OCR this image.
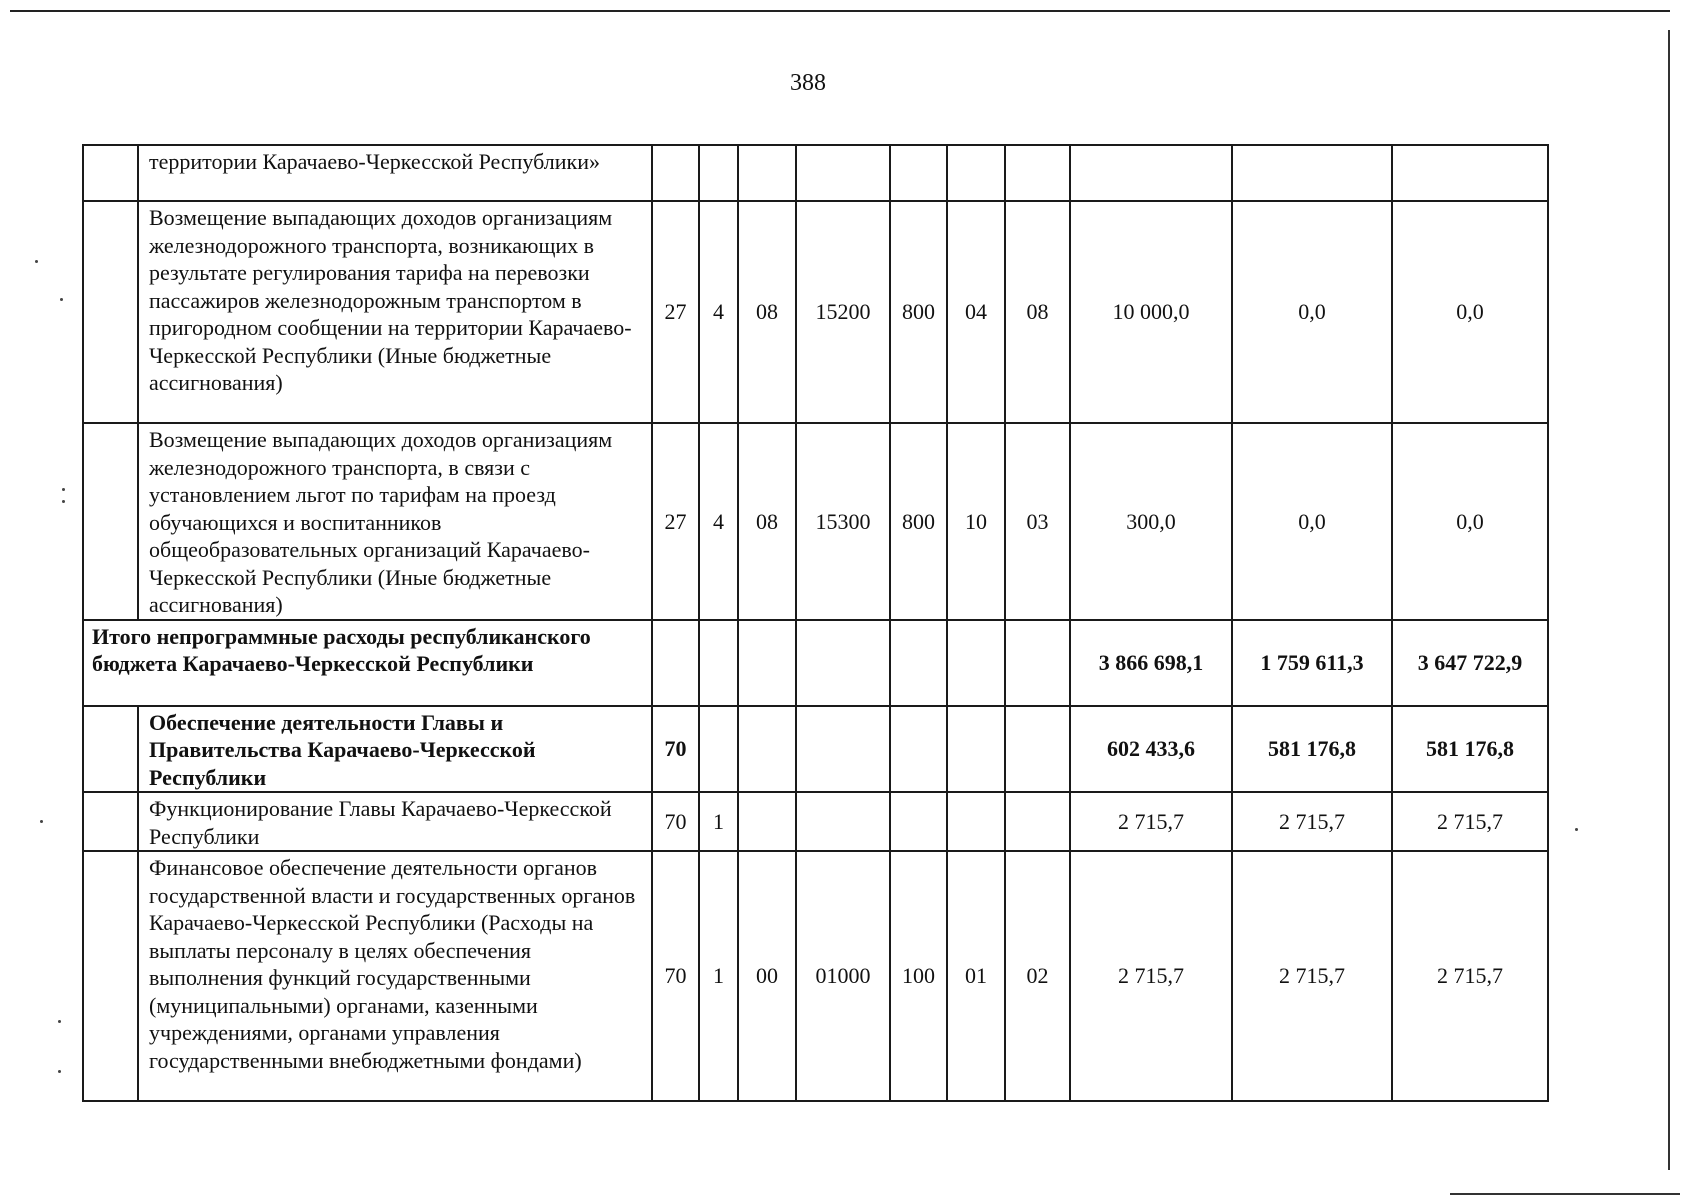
388
	территории Карачаево-Черкесской Республики»										
	Возмещение выпадающих доходов организациям железнодорожного транспорта, возникающих в результате регулирования тарифа на перевозки пассажиров железнодорожным транспортом в пригородном сообщении на территории Карачаево-Черкесской Республики (Иные бюджетные ассигнования)	27	4	08	15200	800	04	08	10 000,0	0,0	0,0
	Возмещение выпадающих доходов организациям железнодорожного транспорта, в связи с установлением льгот по тарифам на проезд обучающихся и воспитанников общеобразовательных организаций Карачаево-Черкесской Республики (Иные бюджетные ассигнования)	27	4	08	15300	800	10	03	300,0	0,0	0,0
Итого непрограммные расходы республиканского бюджета Карачаево-Черкесской Республики									3 866 698,1	1 759 611,3	3 647 722,9
	Обеспечение деятельности Главы и Правительства Карачаево-Черкесской Республики	70							602 433,6	581 176,8	581 176,8
	Функционирование Главы Карачаево-Черкесской Республики	70	1						2 715,7	2 715,7	2 715,7
	Финансовое обеспечение деятельности органов государственной власти и государственных органов Карачаево-Черкесской Республики (Расходы на выплаты персоналу в целях обеспечения выполнения функций государственными (муниципальными) органами, казенными учреждениями, органами управления государственными внебюджетными фондами)	70	1	00	01000	100	01	02	2 715,7	2 715,7	2 715,7
